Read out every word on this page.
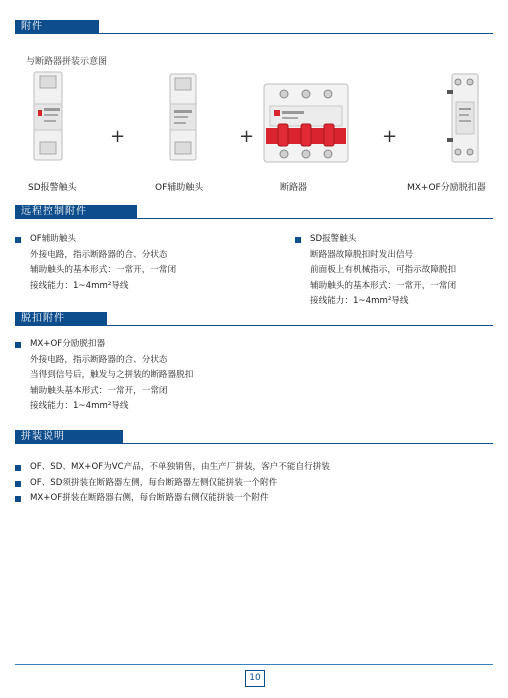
附件
与断路器拼装示意图
+	+	+
SD报警触头	OF辅助触头	断路器	MX+OF分励脱扣器
远程控制附件
OF辅助触头
外接电路，指示断路器的合、分状态
辅助触头的基本形式：一常开，一常闭
接线能力：1~4mm²导线
SD报警触头
断路器故障脱扣时发出信号
前面板上有机械指示，可指示故障脱扣
辅助触头的基本形式：一常开，一常闭
接线能力：1~4mm²导线
脱扣附件
MX+OF分励脱扣器
外接电路，指示断路器的合、分状态
当得到信号后，触发与之拼装的断路器脱扣
辅助触头基本形式：一常开，一常闭
接线能力：1~4mm²导线
拼装说明
OF、SD、MX+OF为VC产品，不单独销售，由生产厂拼装，客户不能自行拼装
OF、SD须拼装在断路器左侧，每台断路器左侧仅能拼装一个附件
MX+OF拼装在断路器右侧，每台断路器右侧仅能拼装一个附件
10
